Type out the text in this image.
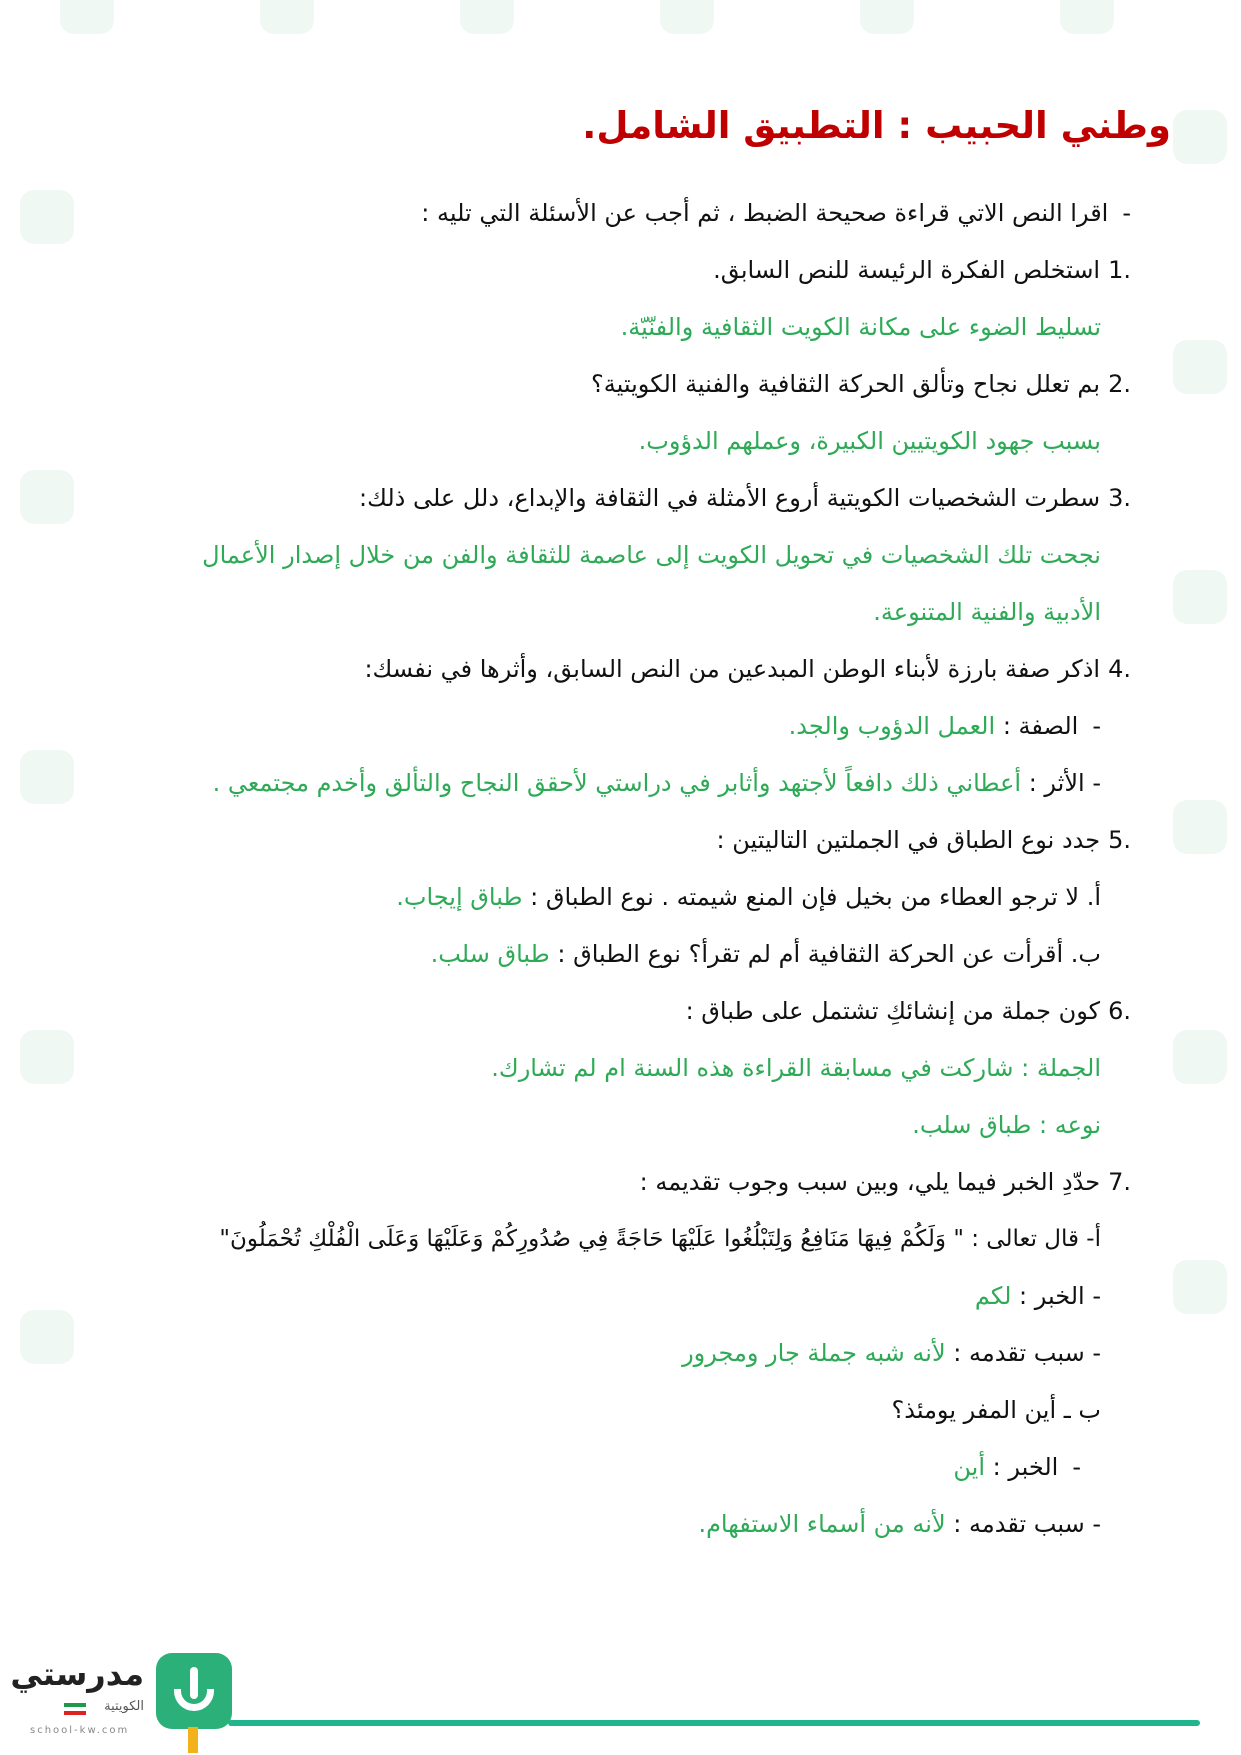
وطني الحبيب : التطبيق الشامل.
-اقرا النص الاتي قراءة صحيحة الضبط ، ثم أجب عن الأسئلة التي تليه :
1.استخلص الفكرة الرئيسة للنص السابق.
تسليط الضوء على مكانة الكويت الثقافية والفنّيّة.
2.بم تعلل نجاح وتألق الحركة الثقافية والفنية الكويتية؟
بسبب جهود الكويتيين الكبيرة، وعملهم الدؤوب.
3.سطرت الشخصيات الكويتية أروع الأمثلة في الثقافة والإبداع، دلل على ذلك:
نجحت تلك الشخصيات في تحويل الكويت إلى عاصمة للثقافة والفن من خلال إصدار الأعمال
الأدبية والفنية المتنوعة.
4.اذكر صفة بارزة لأبناء الوطن المبدعين من النص السابق، وأثرها في نفسك:
-الصفة : العمل الدؤوب والجد.
- الأثر : أعطاني ذلك دافعاً لأجتهد وأثابر في دراستي لأحقق النجاح والتألق وأخدم مجتمعي .
5.جدد نوع الطباق في الجملتين التاليتين :
أ. لا ترجو العطاء من بخيل فإن المنع شيمته . نوع الطباق : طباق إيجاب.
ب. أقرأت عن الحركة الثقافية أم لم تقرأ؟ نوع الطباق : طباق سلب.
6.كون جملة من إنشائكِ تشتمل على طباق :
الجملة : شاركت في مسابقة القراءة هذه السنة ام لم تشارك.
نوعه : طباق سلب.
7.حدّدِ الخبر فيما يلي، وبين سبب وجوب تقديمه :
أ- قال تعالى : " وَلَكُمْ فِيهَا مَنَافِعُ وَلِتَبْلُغُوا عَلَيْهَا حَاجَةً فِي صُدُورِكُمْ وَعَلَيْهَا وَعَلَى الْفُلْكِ تُحْمَلُونَ"
- الخبر : لكم
- سبب تقدمه : لأنه شبه جملة جار ومجرور
ب ـ أين المفر يومئذ؟
-الخبر : أين
- سبب تقدمه : لأنه من أسماء الاستفهام.
مدرستي
الكويتية
school-kw.com
